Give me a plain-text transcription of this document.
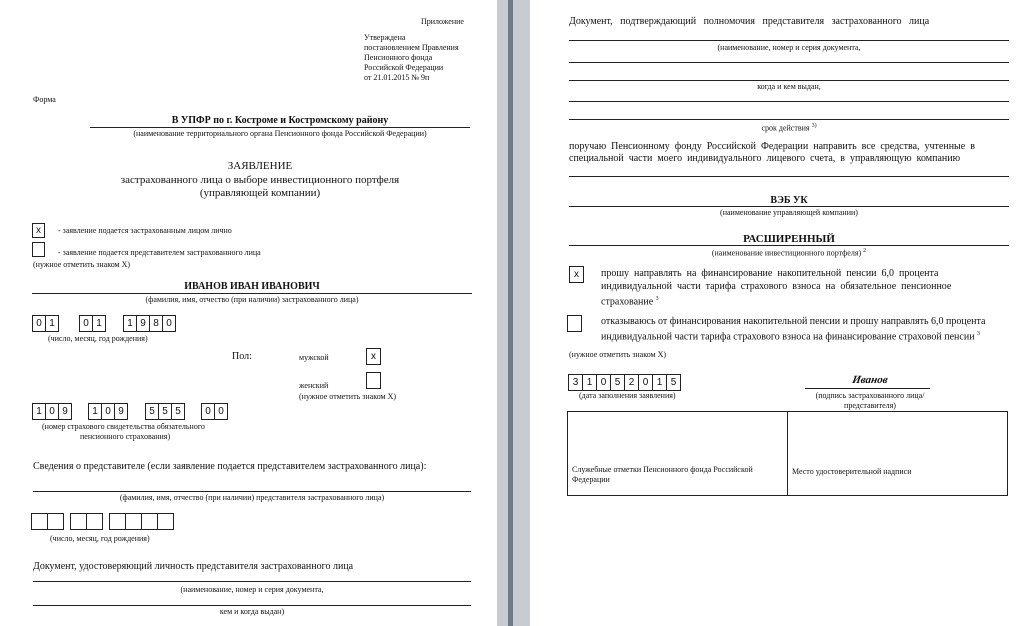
Приложение
Утверждена
постановлением Правления
Пенсионного фонда
Российской Федерации
от 21.01.2015 № 9п
Форма
В УПФР по г. Костроме и Костромскому району
(наименование территориального органа Пенсионного фонда Российской Федерации)
ЗАЯВЛЕНИЕ
застрахованного лица о выборе инвестиционного портфеля
(управляющей компании)
x	- заявление подается застрахованным лицом лично
- заявление подается представителем застрахованного лица
(нужное отметить знаком Х)
ИВАНОВ ИВАН ИВАНОВИЧ
(фамилия, имя, отчество (при наличии) застрахованного лица)
0 1	0 1	1 9 8 0
(число, месяц, год рождения)
Пол:	мужской	x
женский
(нужное отметить знаком Х)
1 0 9	1 0 9	5 5 5	0 0
(номер страхового свидетельства обязательного
пенсионного страхования)
Сведения о представителе (если заявление подается представителем застрахованного лица):
(фамилия, имя, отчество (при наличии) представителя застрахованного лица)
(число, месяц, год рождения)
Документ, удостоверяющий личность представителя застрахованного лица
(наименование, номер и серия документа,
кем и когда выдан)
Документ,   подтверждающий   полномочия   представителя   застрахованного   лица
(наименование, номер и серия документа,
когда и кем выдан,
срок действия $^{3)}$
поручаю  Пенсионному  фонду  Российской  Федерации  направить  все  средства,  учтенные  в
специальной  части  моего  индивидуального  лицевого  счета,  в  управляющую  компанию
ВЭБ УК
(наименование управляющей компании)
РАСШИРЕННЫЙ
(наименование инвестиционного портфеля) $^2$
x	прошу  направлять  на  финансирование  накопительной  пенсии  6,0  процента
индивидуальной  части  тарифа  страхового  взноса  на  обязательное  пенсионное
страхование $^3$
отказываюсь от финансирования накопительной пенсии и прошу направлять 6,0 процента
индивидуальной части тарифа страхового взноса на финансирование страховой пенсии $^3$
(нужное отметить знаком Х)
3 1 0 5 2 0 1 5
(дата заполнения заявления)
Иванов
(подпись застрахованного лица/
представителя)
Служебные отметки Пенсионного фонда Российской Федерации
Место удостоверительной надписи
